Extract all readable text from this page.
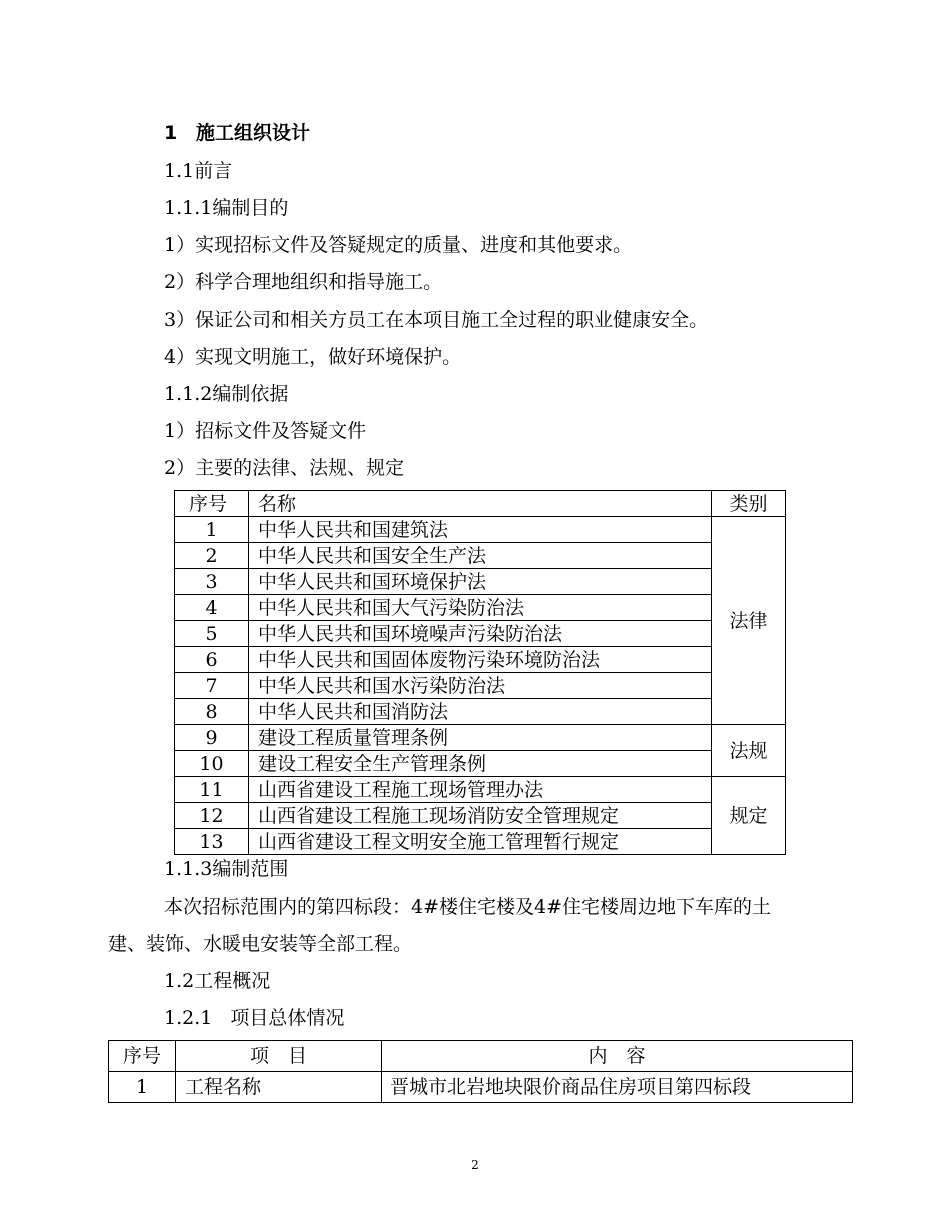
1 施工组织设计
1.1前言
1.1.1编制目的
1）实现招标文件及答疑规定的质量、进度和其他要求。
2）科学合理地组织和指导施工。
3）保证公司和相关方员工在本项目施工全过程的职业健康安全。
4）实现文明施工，做好环境保护。
1.1.2编制依据
1）招标文件及答疑文件
2）主要的法律、法规、规定
序号	名称	类别
1	中华人民共和国建筑法	法律
2	中华人民共和国安全生产法	
3	中华人民共和国环境保护法	
4	中华人民共和国大气污染防治法	
5	中华人民共和国环境噪声污染防治法	
6	中华人民共和国固体废物污染环境防治法	
7	中华人民共和国水污染防治法	
8	中华人民共和国消防法	
9	建设工程质量管理条例	法规
10	建设工程安全生产管理条例	
11	山西省建设工程施工现场管理办法	规定
12	山西省建设工程施工现场消防安全管理规定	
13	山西省建设工程文明安全施工管理暂行规定	
1.1.3编制范围
本次招标范围内的第四标段：4#楼住宅楼及4#住宅楼周边地下车库的土
建、装饰、水暖电安装等全部工程。
1.2工程概况
1.2.1 项目总体情况
序号	项　目	内　容
1	工程名称	晋城市北岩地块限价商品住房项目第四标段
2
